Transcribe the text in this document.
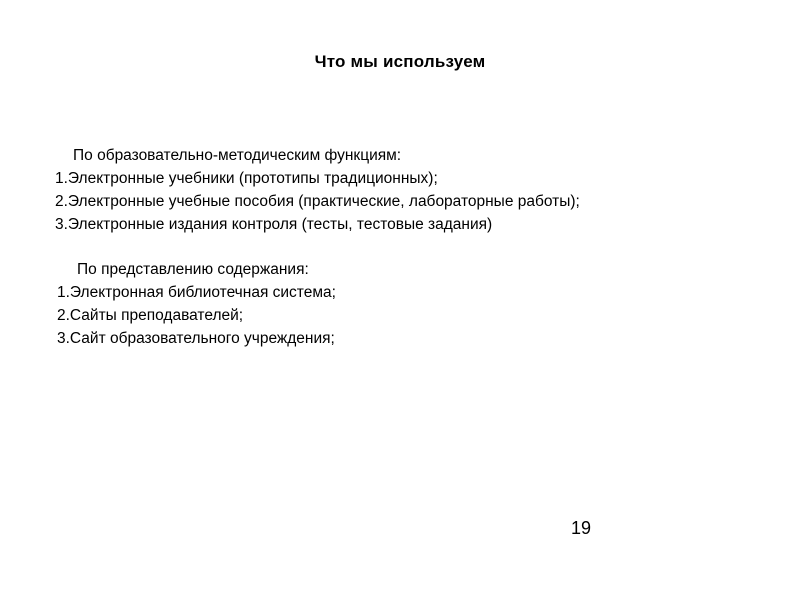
Что мы используем
По образовательно-методическим функциям:
1.Электронные учебники (прототипы традиционных);
2.Электронные учебные пособия (практические, лабораторные работы);
3.Электронные издания контроля (тесты, тестовые задания)
По представлению содержания:
1.Электронная библиотечная система;
2.Сайты преподавателей;
3.Сайт образовательного учреждения;
19
